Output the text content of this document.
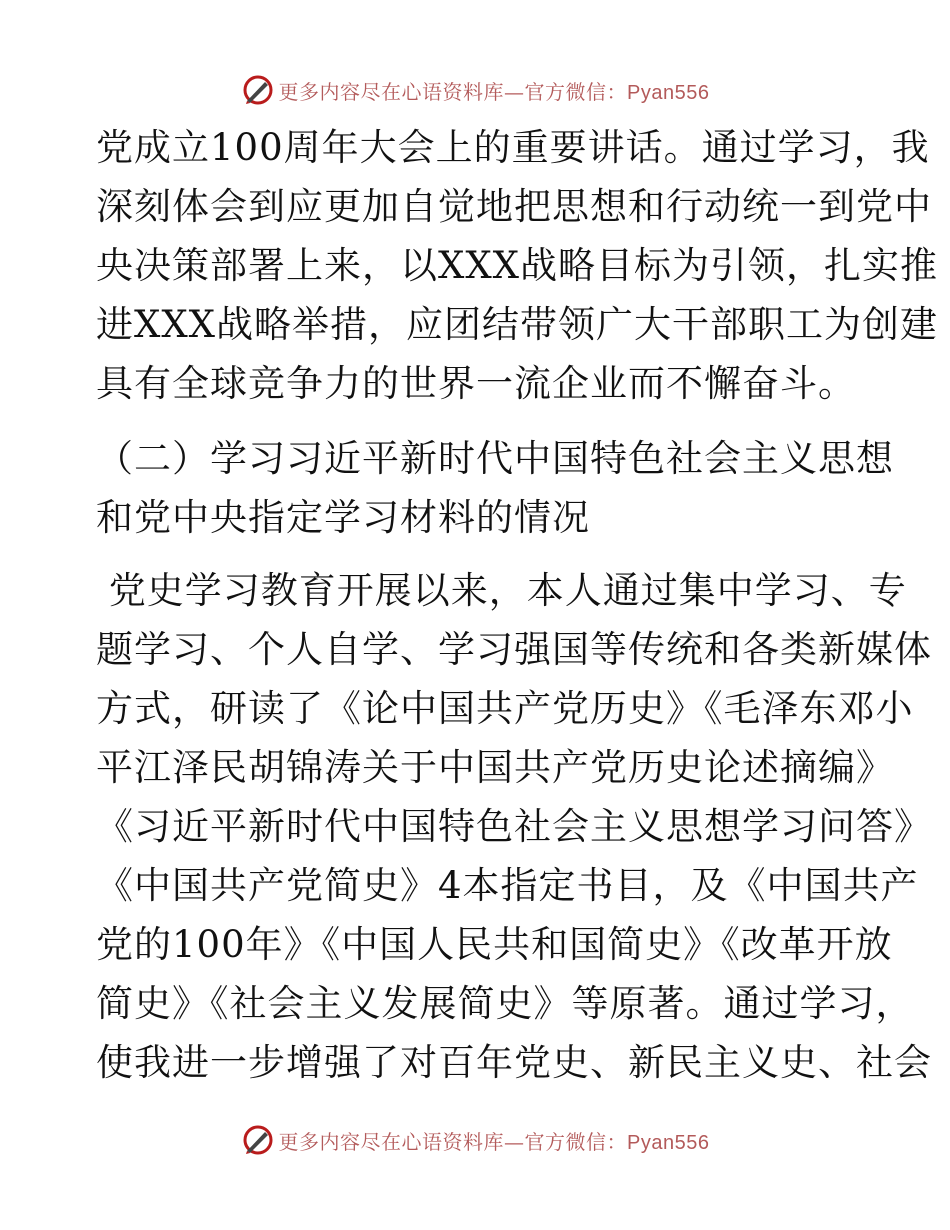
更多内容尽在心语资料库—官方微信：Pyan556
党成立100周年大会上的重要讲话。通过学习，我
深刻体会到应更加自觉地把思想和行动统一到党中
央决策部署上来，以XXX战略目标为引领，扎实推
进XXX战略举措，应团结带领广大干部职工为创建
具有全球竞争力的世界一流企业而不懈奋斗。
（二）学习习近平新时代中国特色社会主义思想
和党中央指定学习材料的情况
党史学习教育开展以来，本人通过集中学习、专
题学习、个人自学、学习强国等传统和各类新媒体
方式，研读了《论中国共产党历史》《毛泽东邓小
平江泽民胡锦涛关于中国共产党历史论述摘编》
《习近平新时代中国特色社会主义思想学习问答》
《中国共产党简史》4本指定书目，及《中国共产
党的100年》《中国人民共和国简史》《改革开放
简史》《社会主义发展简史》等原著。通过学习，
使我进一步增强了对百年党史、新民主义史、社会
更多内容尽在心语资料库—官方微信：Pyan556
